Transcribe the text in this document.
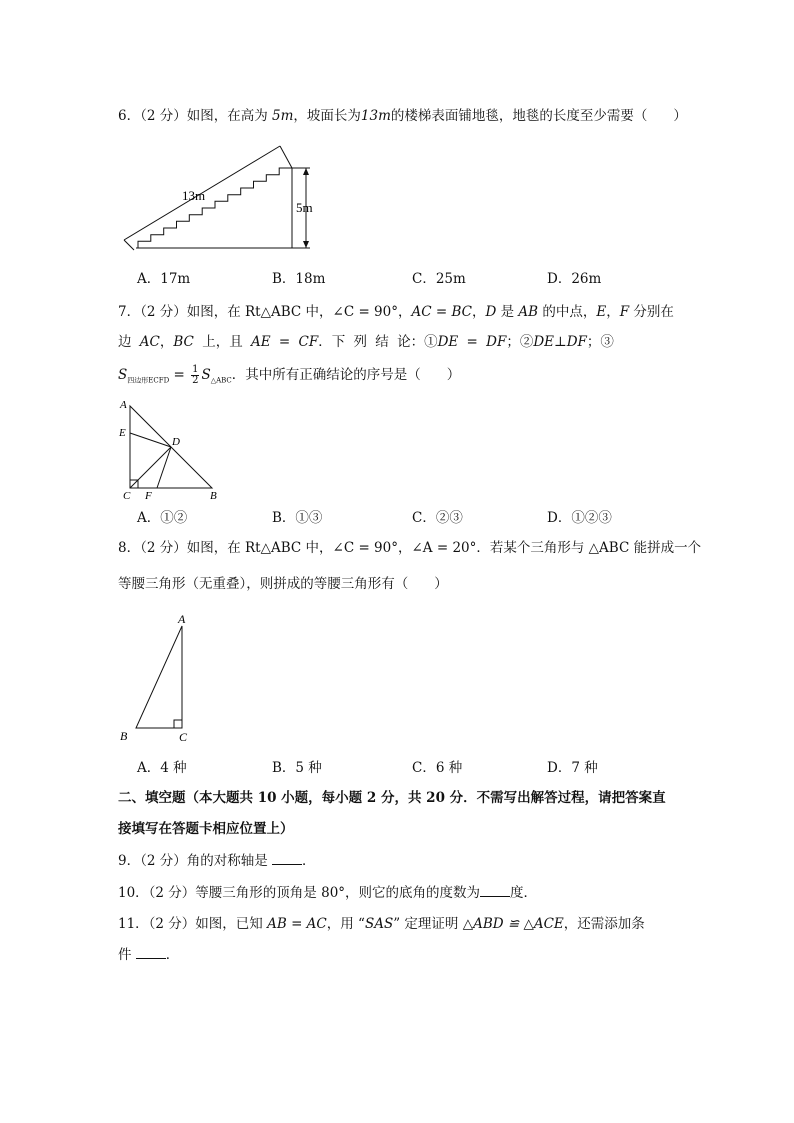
6．（2 分）如图，在高为 5m，坡面长为13m的楼梯表面铺地毯，地毯的长度至少需要（ ）
13m
5m
A．17m	B．18m	C．25m	D．26m
7．（2 分）如图，在 Rt△ABC 中，∠C = 90°，AC = BC，D 是 AB 的中点，E，F 分别在
边 AC，BC 上，且 AE = CF．下 列 结 论：①DE = DF；②DE⊥DF；③
$S_{四边形ECFD} = \frac{1}{2} S_{\triangle ABC}$．其中所有正确结论的序号是（ ）
A
E
D
C F	B
A．①②	B．①③	C．②③	D．①②③
8．（2 分）如图，在 Rt△ABC 中，∠C = 90°，∠A = 20°．若某个三角形与 △ABC 能拼成一个
等腰三角形（无重叠），则拼成的等腰三角形有（ ）
A
B	C
A．4 种	B．5 种	C．6 种	D．7 种
二、填空题（本大题共 10 小题，每小题 2 分，共 20 分．不需写出解答过程，请把答案直
接填写在答题卡相应位置上）
9．（2 分）角的对称轴是	．
10．（2 分）等腰三角形的顶角是 80°，则它的底角的度数为 度．
11．（2 分）如图，已知 AB = AC，用 “SAS” 定理证明 △ABD ≌ △ACE，还需添加条
件	．
